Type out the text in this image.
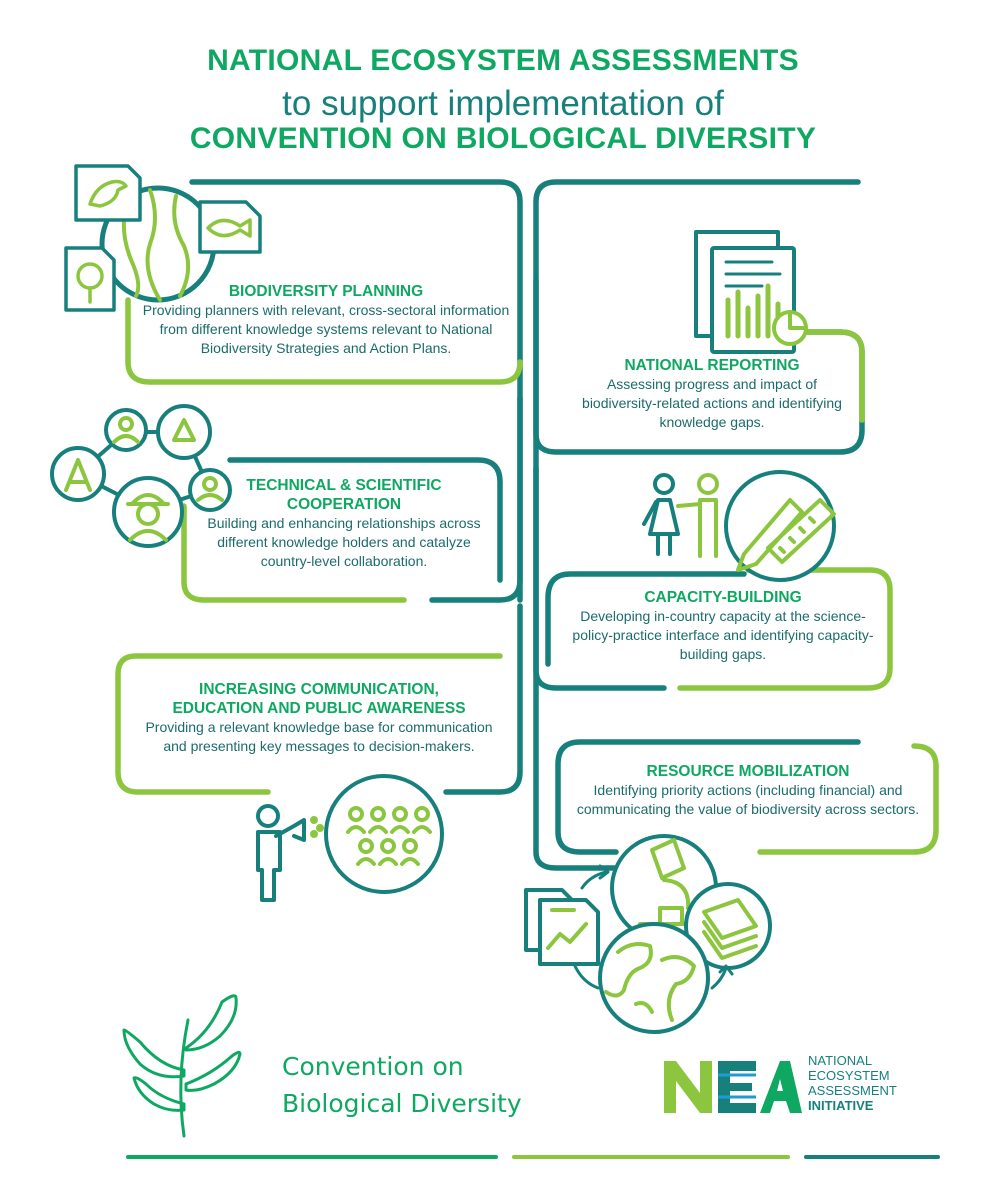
NATIONAL ECOSYSTEM ASSESSMENTS
to support implementation of
CONVENTION ON BIOLOGICAL DIVERSITY
BIODIVERSITY PLANNING
Providing planners with relevant, cross-sectoral information from different knowledge systems relevant to National Biodiversity Strategies and Action Plans.
NATIONAL REPORTING
Assessing progress and impact of biodiversity-related actions and identifying knowledge gaps.
TECHNICAL & SCIENTIFIC
COOPERATION
Building and enhancing relationships across different knowledge holders and catalyze country-level collaboration.
CAPACITY-BUILDING
Developing in-country capacity at the science-policy-practice interface and identifying capacity-building gaps.
INCREASING COMMUNICATION,
EDUCATION AND PUBLIC AWARENESS
Providing a relevant knowledge base for communication and presenting key messages to decision-makers.
RESOURCE MOBILIZATION
Identifying priority actions (including financial) and communicating the value of biodiversity across sectors.
Convention on
Biological Diversity
NATIONAL
ECOSYSTEM
ASSESSMENT
INITIATIVE
